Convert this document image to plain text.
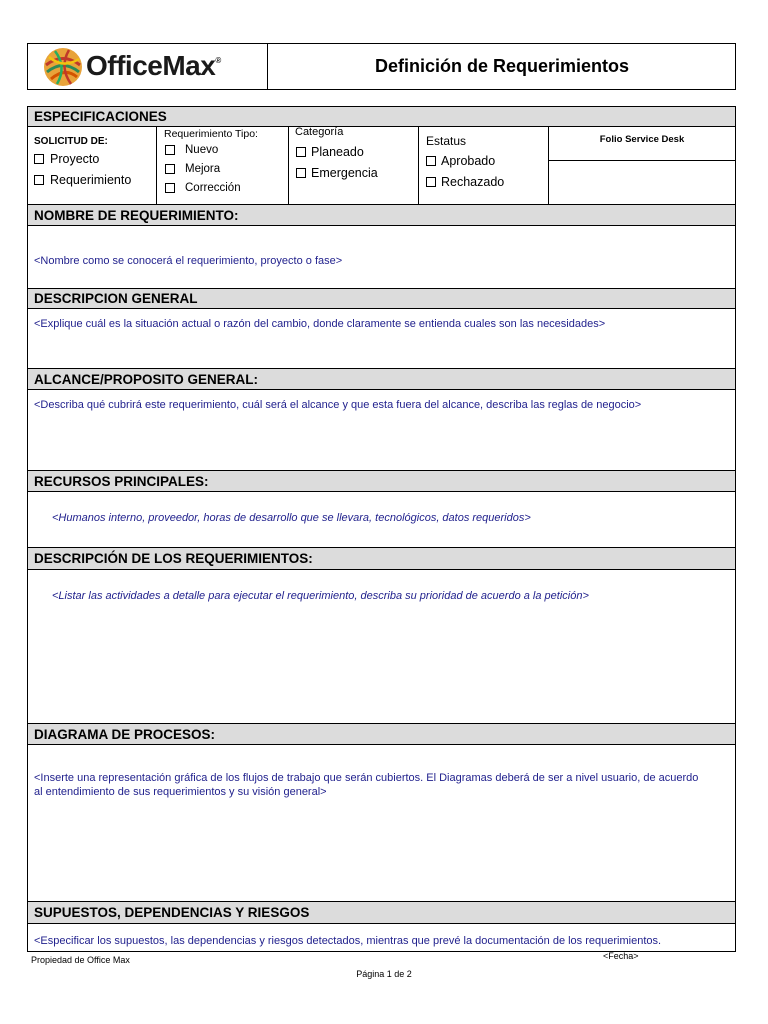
OfficeMax®	Definición de Requerimientos
ESPECIFICACIONES
SOLICITUD DE:
Proyecto
Requerimiento
Requerimiento Tipo:
Nuevo
Mejora
Corrección
Categoría
Planeado
Emergencia
Estatus
Aprobado
Rechazado
Folio Service Desk
NOMBRE DE REQUERIMIENTO:
<Nombre como se conocerá el requerimiento, proyecto o fase>
DESCRIPCION GENERAL
<Explique cuál es la situación actual o razón del cambio, donde claramente se entienda cuales son las necesidades>
ALCANCE/PROPOSITO GENERAL:
<Describa qué cubrirá este requerimiento, cuál será el alcance y que esta fuera del alcance, describa las reglas de negocio>
RECURSOS PRINCIPALES:
<Humanos interno, proveedor, horas de desarrollo que se llevara, tecnológicos, datos requeridos>
DESCRIPCIÓN DE LOS REQUERIMIENTOS:
<Listar las actividades a detalle para ejecutar el requerimiento, describa su prioridad de acuerdo a la petición>
DIAGRAMA DE PROCESOS:
<Inserte una representación gráfica de los flujos de trabajo que serán cubiertos. El Diagramas deberá de ser a nivel usuario, de acuerdo al entendimiento de sus requerimientos y su visión general>
SUPUESTOS, DEPENDENCIAS Y RIESGOS
<Especificar los supuestos, las dependencias y riesgos detectados, mientras que prevé la documentación de los requerimientos.
Propiedad de Office Max	<Fecha>
Página 1 de 2
